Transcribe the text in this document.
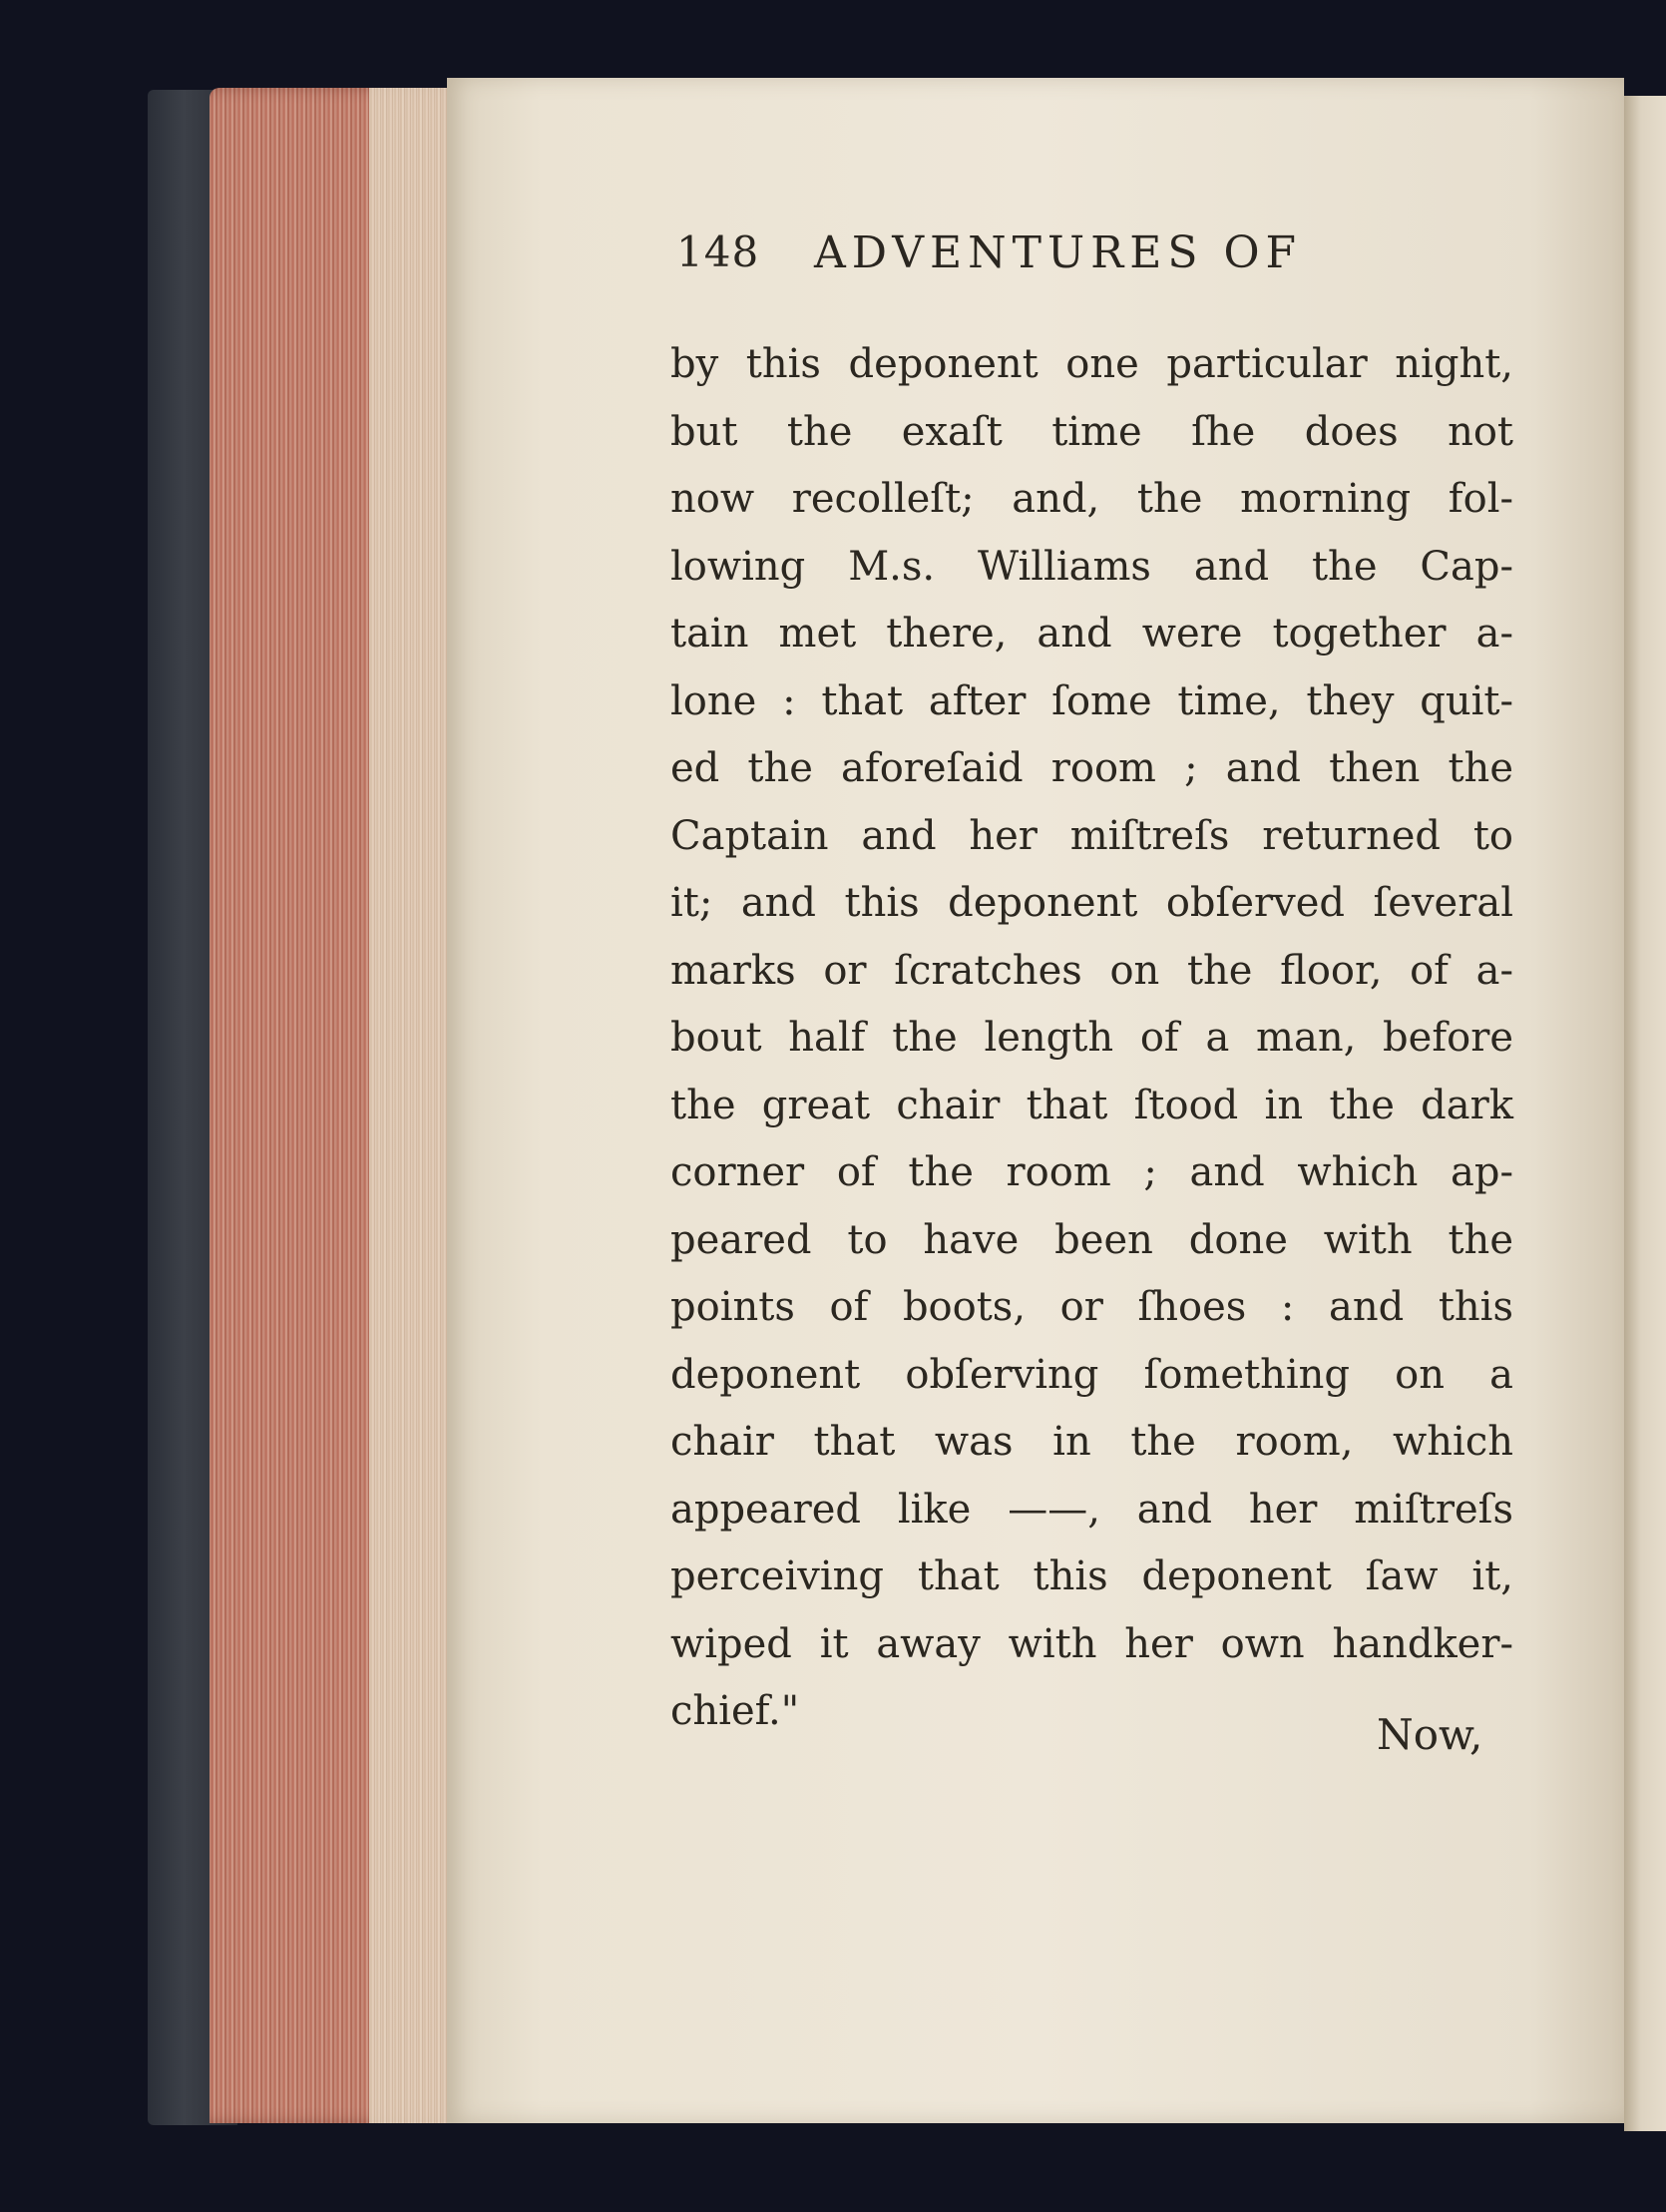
148 ADVENTURES OF
by this deponent one particular night,
but the exaſt time ſhe does not
now recolleſt; and, the morning fol-
lowing M.s. Williams and the Cap-
tain met there, and were together a-
lone : that after ſome time, they quit-
ed the aforeſaid room ; and then the
Captain and her miſtreſs returned to
it; and this deponent obſerved ſeveral
marks or ſcratches on the floor, of a-
bout half the length of a man, before
the great chair that ſtood in the dark
corner of the room ; and which ap-
peared to have been done with the
points of boots, or ſhoes : and this
deponent obſerving ſomething on a
chair that was in the room, which
appeared like ——, and her miſtreſs
perceiving that this deponent ſaw it,
wiped it away with her own handker-
chief."	Now,
